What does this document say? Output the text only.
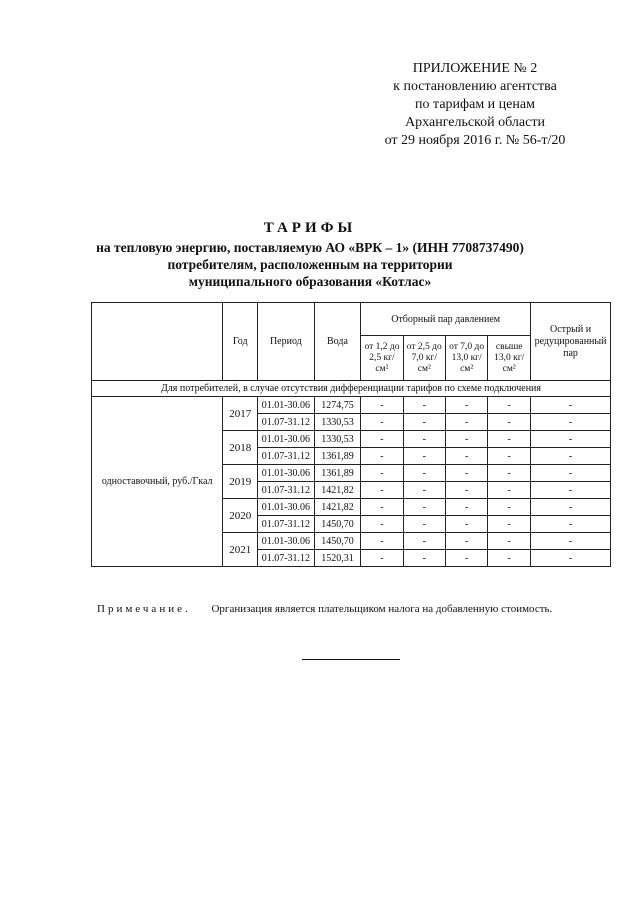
ПРИЛОЖЕНИЕ № 2
к постановлению агентства
по тарифам и ценам
Архангельской области
от 29 ноября 2016 г. № 56-т/20
ТАРИФЫ
на тепловую энергию, поставляемую АО «ВРК – 1» (ИНН 7708737490)
потребителям, расположенным на территории
муниципального образования «Котлас»
	Год	Период	Вода	Отборный пар давлением				Острый и редуцированный пар
				от 1,2 до 2,5 кг/см²	от 2,5 до 7,0 кг/см²	от 7,0 до 13,0 кг/см²	свыше 13,0 кг/см²	
Для потребителей, в случае отсутствия дифференциации тарифов по схеме подключения								
одноставочный, руб./Гкал	2017	01.01-30.06	1274,75	-	-	-	-	-
		01.07-31.12	1330,53	-	-	-	-	-
	2018	01.01-30.06	1330,53	-	-	-	-	-
		01.07-31.12	1361,89	-	-	-	-	-
	2019	01.01-30.06	1361,89	-	-	-	-	-
		01.07-31.12	1421,82	-	-	-	-	-
	2020	01.01-30.06	1421,82	-	-	-	-	-
		01.07-31.12	1450,70	-	-	-	-	-
	2021	01.01-30.06	1450,70	-	-	-	-	-
		01.07-31.12	1520,31	-	-	-	-	-
Примечание. Организация является плательщиком налога на добавленную стоимость.
